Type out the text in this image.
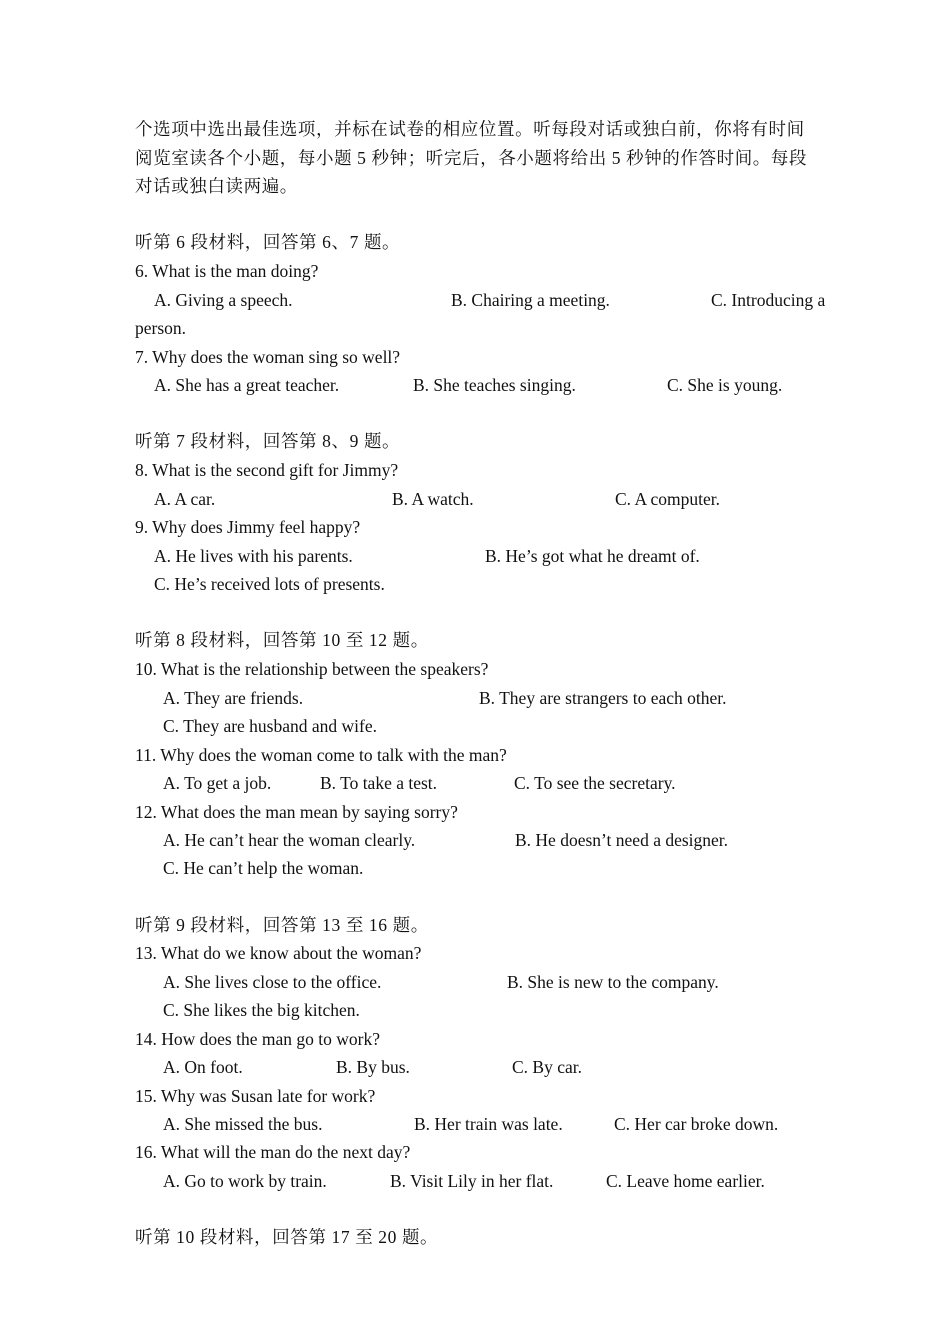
个选项中选出最佳选项，并标在试卷的相应位置。听每段对话或独白前，你将有时间
阅览室读各个小题，每小题 5 秒钟；听完后，各小题将给出 5 秒钟的作答时间。每段
对话或独白读两遍。
听第 6 段材料，回答第 6、7 题。
6. What is the man doing?
A. Giving a speech.	B. Chairing a meeting.	C. Introducing a
person.
7. Why does the woman sing so well?
A. She has a great teacher.	B. She teaches singing.	C. She is young.
听第 7 段材料，回答第 8、9 题。
8. What is the second gift for Jimmy?
A. A car.	B. A watch.	C. A computer.
9. Why does Jimmy feel happy?
A. He lives with his parents.	B. He’s got what he dreamt of.
C. He’s received lots of presents.
听第 8 段材料，回答第 10 至 12 题。
10. What is the relationship between the speakers?
A. They are friends.	B. They are strangers to each other.
C. They are husband and wife.
11. Why does the woman come to talk with the man?
A. To get a job.	B. To take a test.	C. To see the secretary.
12. What does the man mean by saying sorry?
A. He can’t hear the woman clearly.	B. He doesn’t need a designer.
C. He can’t help the woman.
听第 9 段材料，回答第 13 至 16 题。
13. What do we know about the woman?
A. She lives close to the office.	B. She is new to the company.
C. She likes the big kitchen.
14. How does the man go to work?
A. On foot.	B. By bus.	C. By car.
15. Why was Susan late for work?
A. She missed the bus.	B. Her train was late.	C. Her car broke down.
16. What will the man do the next day?
A. Go to work by train.	B. Visit Lily in her flat.	C. Leave home earlier.
听第 10 段材料，回答第 17 至 20 题。
